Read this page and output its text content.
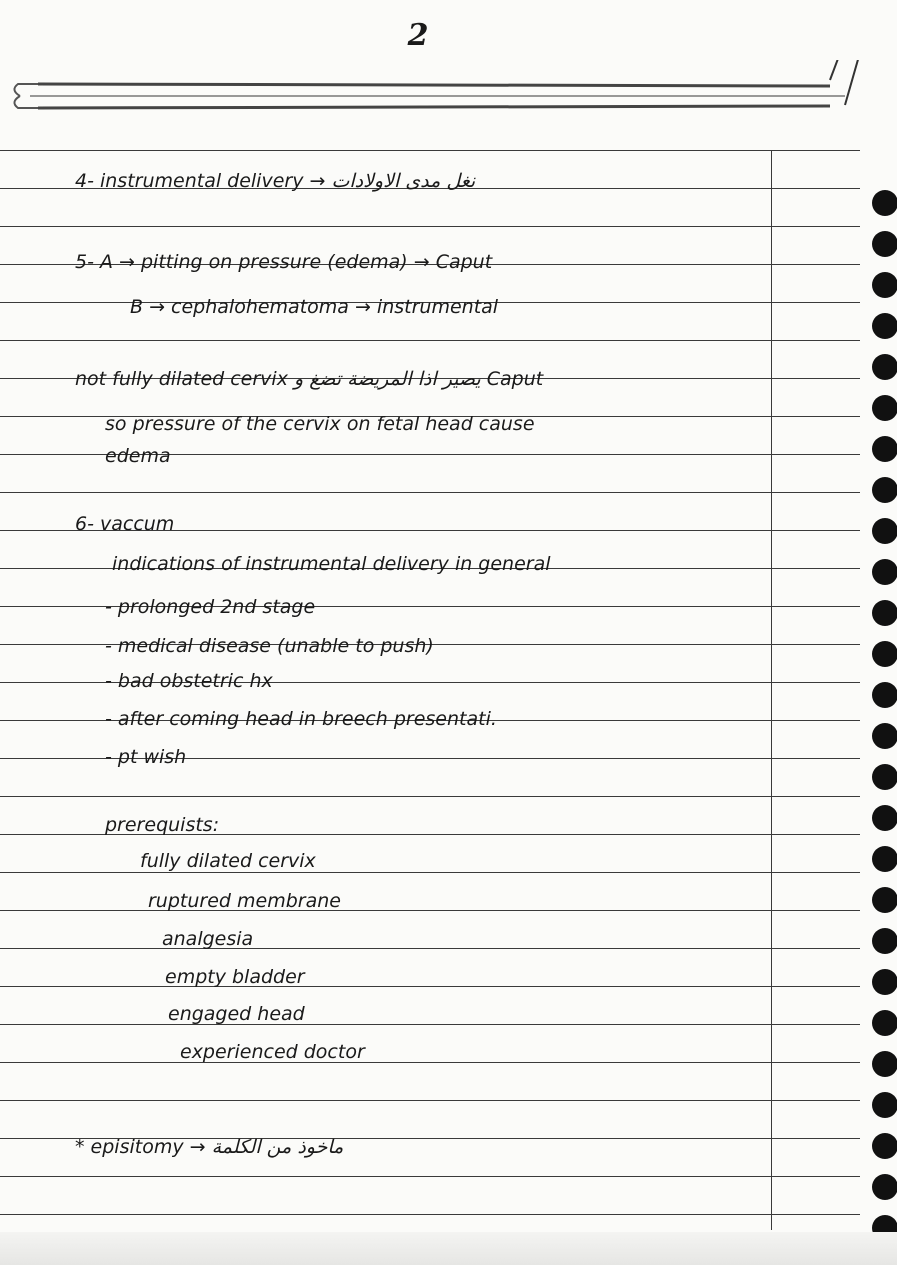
2
4- instrumental delivery → نغل مدى الاولادات
5- A → pitting on pressure (edema) → Caput
B → cephalohematoma → instrumental
not fully dilated cervix يصير اذا المريضة تضغ و Caput
so pressure of the cervix on fetal head cause
edema
6- vaccum
indications of instrumental delivery in general
- prolonged 2nd stage
- medical disease (unable to push)
- bad obstetric hx
- after coming head in breech presentati.
- pt wish
prerequists:
fully dilated cervix
ruptured membrane
analgesia
empty bladder
engaged head
experienced doctor
* episitomy → ماخوذ من الكلمة
